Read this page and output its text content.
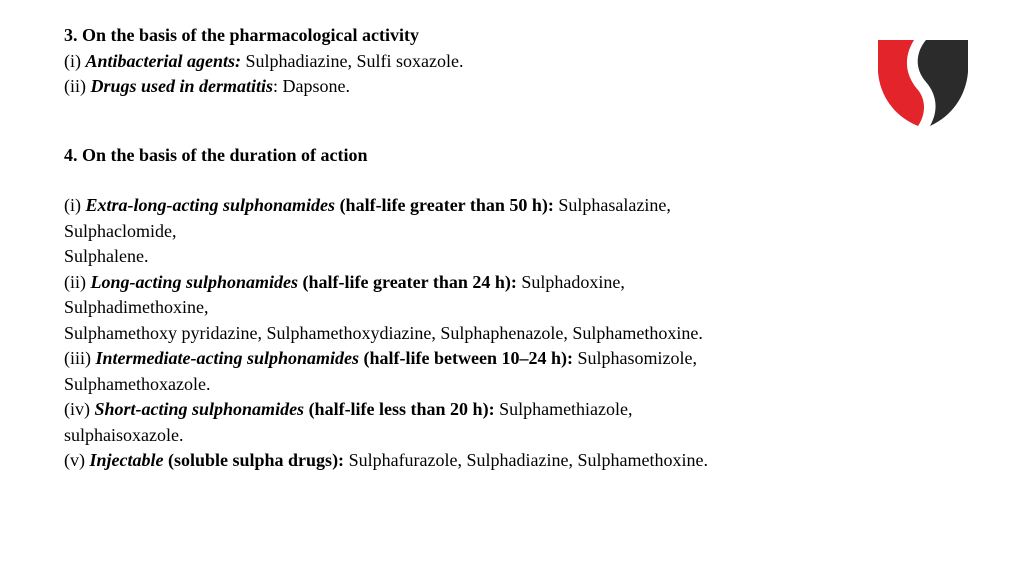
3. On the basis of the pharmacological activity
(i) Antibacterial agents: Sulphadiazine, Sulfi soxazole.
(ii) Drugs used in dermatitis: Dapsone.
4. On the basis of the duration of action
(i) Extra-long-acting sulphonamides (half-life greater than 50 h): Sulphasalazine,
Sulphaclomide,
Sulphalene.
(ii) Long-acting sulphonamides (half-life greater than 24 h): Sulphadoxine,
Sulphadimethoxine,
Sulphamethoxy pyridazine, Sulphamethoxydiazine, Sulphaphenazole, Sulphamethoxine.
(iii) Intermediate-acting sulphonamides (half-life between 10–24 h): Sulphasomizole,
Sulphamethoxazole.
(iv) Short-acting sulphonamides (half-life less than 20 h): Sulphamethiazole,
sulphaisoxazole.
(v) Injectable (soluble sulpha drugs): Sulphafurazole, Sulphadiazine, Sulphamethoxine.
